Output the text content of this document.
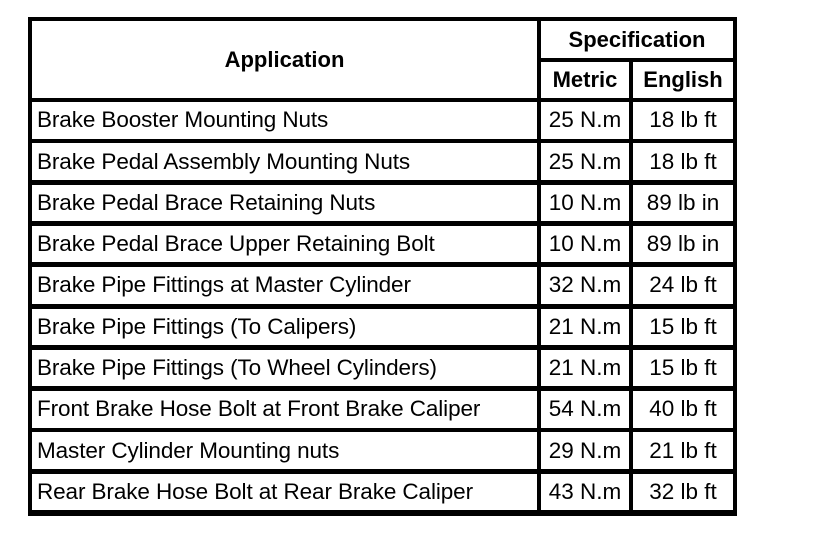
Application
Specification
Metric	English
Brake Booster Mounting Nuts	25 N.m	18 lb ft
Brake Pedal Assembly Mounting Nuts	25 N.m	18 lb ft
Brake Pedal Brace Retaining Nuts	10 N.m	89 lb in
Brake Pedal Brace Upper Retaining Bolt	10 N.m	89 lb in
Brake Pipe Fittings at Master Cylinder	32 N.m	24 lb ft
Brake Pipe Fittings (To Calipers)	21 N.m	15 lb ft
Brake Pipe Fittings (To Wheel Cylinders)	21 N.m	15 lb ft
Front Brake Hose Bolt at Front Brake Caliper	54 N.m	40 lb ft
Master Cylinder Mounting nuts	29 N.m	21 lb ft
Rear Brake Hose Bolt at Rear Brake Caliper	43 N.m	32 lb ft
